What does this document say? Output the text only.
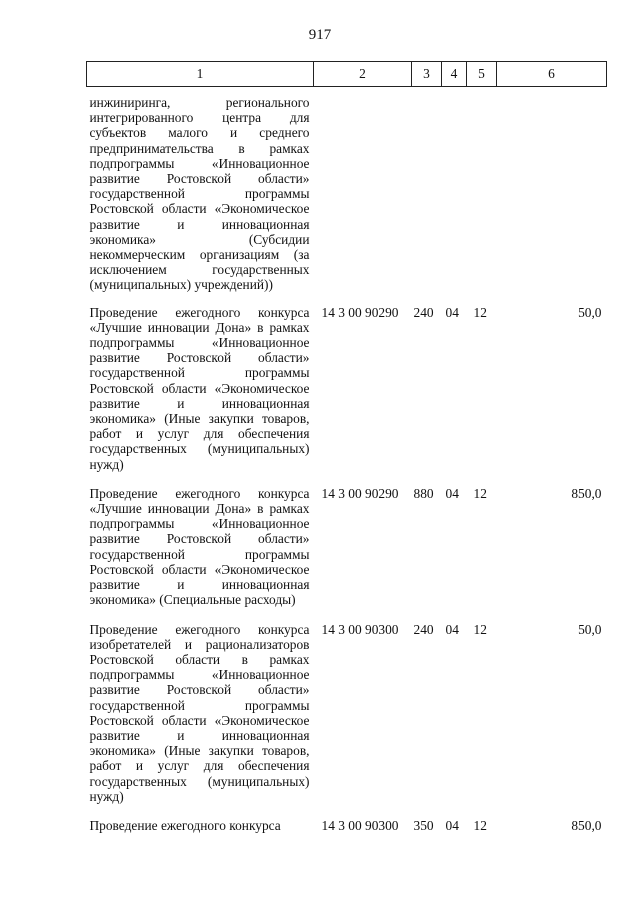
917
1	2	3	4	5	6
инжиниринга, регионального интегрированного центра для субъектов малого и среднего предпринимательства в рамках подпрограммы «Инновационное развитие Ростовской области» государственной программы Ростовской области «Экономическое развитие и инновационная экономика» (Субсидии некоммерческим организациям (за исключением государственных (муниципальных) учреждений))					
Проведение ежегодного конкурса «Лучшие инновации Дона» в рамках подпрограммы «Инновационное развитие Ростовской области» государственной программы Ростовской области «Экономическое развитие и инновационная экономика» (Иные закупки товаров, работ и услуг для обеспечения государственных (муниципальных) нужд)	14 3 00 90290	240	04	12	50,0
Проведение ежегодного конкурса «Лучшие инновации Дона» в рамках подпрограммы «Инновационное развитие Ростовской области» государственной программы Ростовской области «Экономическое развитие и инновационная экономика» (Специальные расходы)	14 3 00 90290	880	04	12	850,0
Проведение ежегодного конкурса изобретателей и рационализаторов Ростовской области в рамках подпрограммы «Инновационное развитие Ростовской области» государственной программы Ростовской области «Экономическое развитие и инновационная экономика» (Иные закупки товаров, работ и услуг для обеспечения государственных (муниципальных) нужд)	14 3 00 90300	240	04	12	50,0
Проведение ежегодного конкурса	14 3 00 90300	350	04	12	850,0
